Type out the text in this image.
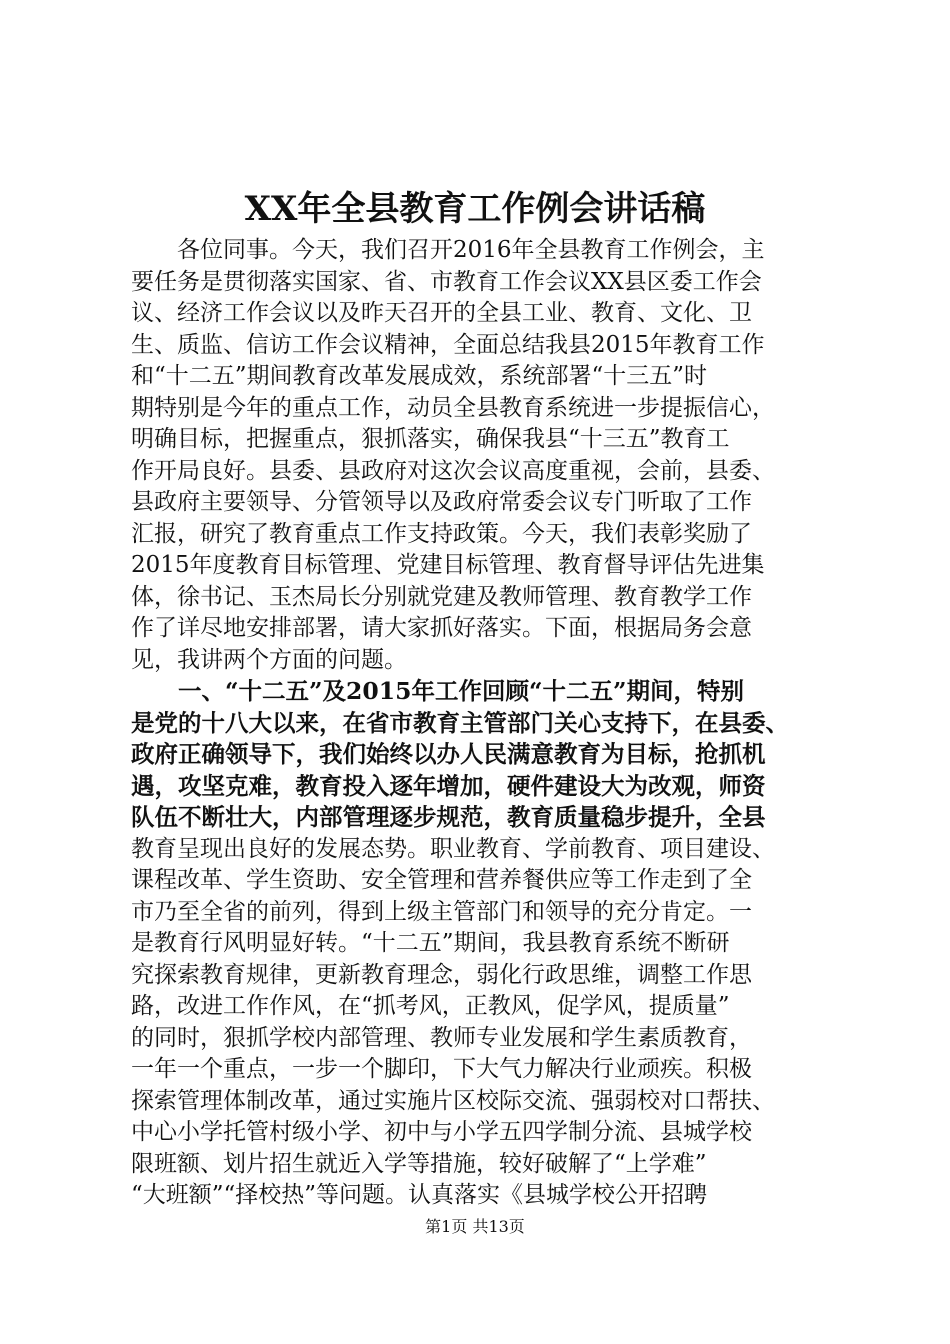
XX年全县教育工作例会讲话稿
　　各位同事。今天，我们召开2016年全县教育工作例会，主
要任务是贯彻落实国家、省、市教育工作会议XX县区委工作会
议、经济工作会议以及昨天召开的全县工业、教育、文化、卫
生、质监、信访工作会议精神，全面总结我县2015年教育工作
和“十二五”期间教育改革发展成效，系统部署“十三五”时
期特别是今年的重点工作，动员全县教育系统进一步提振信心，
明确目标，把握重点，狠抓落实，确保我县“十三五”教育工
作开局良好。县委、县政府对这次会议高度重视，会前，县委、
县政府主要领导、分管领导以及政府常委会议专门听取了工作
汇报，研究了教育重点工作支持政策。今天，我们表彰奖励了
2015年度教育目标管理、党建目标管理、教育督导评估先进集
体，徐书记、玉杰局长分别就党建及教师管理、教育教学工作
作了详尽地安排部署，请大家抓好落实。下面，根据局务会意
见，我讲两个方面的问题。
　　一、“十二五”及2015年工作回顾“十二五”期间，特别
是党的十八大以来，在省市教育主管部门关心支持下，在县委、
政府正确领导下，我们始终以办人民满意教育为目标，抢抓机
遇，攻坚克难，教育投入逐年增加，硬件建设大为改观，师资
队伍不断壮大，内部管理逐步规范，教育质量稳步提升，全县
教育呈现出良好的发展态势。职业教育、学前教育、项目建设、
课程改革、学生资助、安全管理和营养餐供应等工作走到了全
市乃至全省的前列，得到上级主管部门和领导的充分肯定。一
是教育行风明显好转。“十二五”期间，我县教育系统不断研
究探索教育规律，更新教育理念，弱化行政思维，调整工作思
路，改进工作作风，在“抓考风，正教风，促学风，提质量”
的同时，狠抓学校内部管理、教师专业发展和学生素质教育，
一年一个重点，一步一个脚印，下大气力解决行业顽疾。积极
探索管理体制改革，通过实施片区校际交流、强弱校对口帮扶、
中心小学托管村级小学、初中与小学五四学制分流、县城学校
限班额、划片招生就近入学等措施，较好破解了“上学难”
“大班额”“择校热”等问题。认真落实《县城学校公开招聘
第1页 共13页
